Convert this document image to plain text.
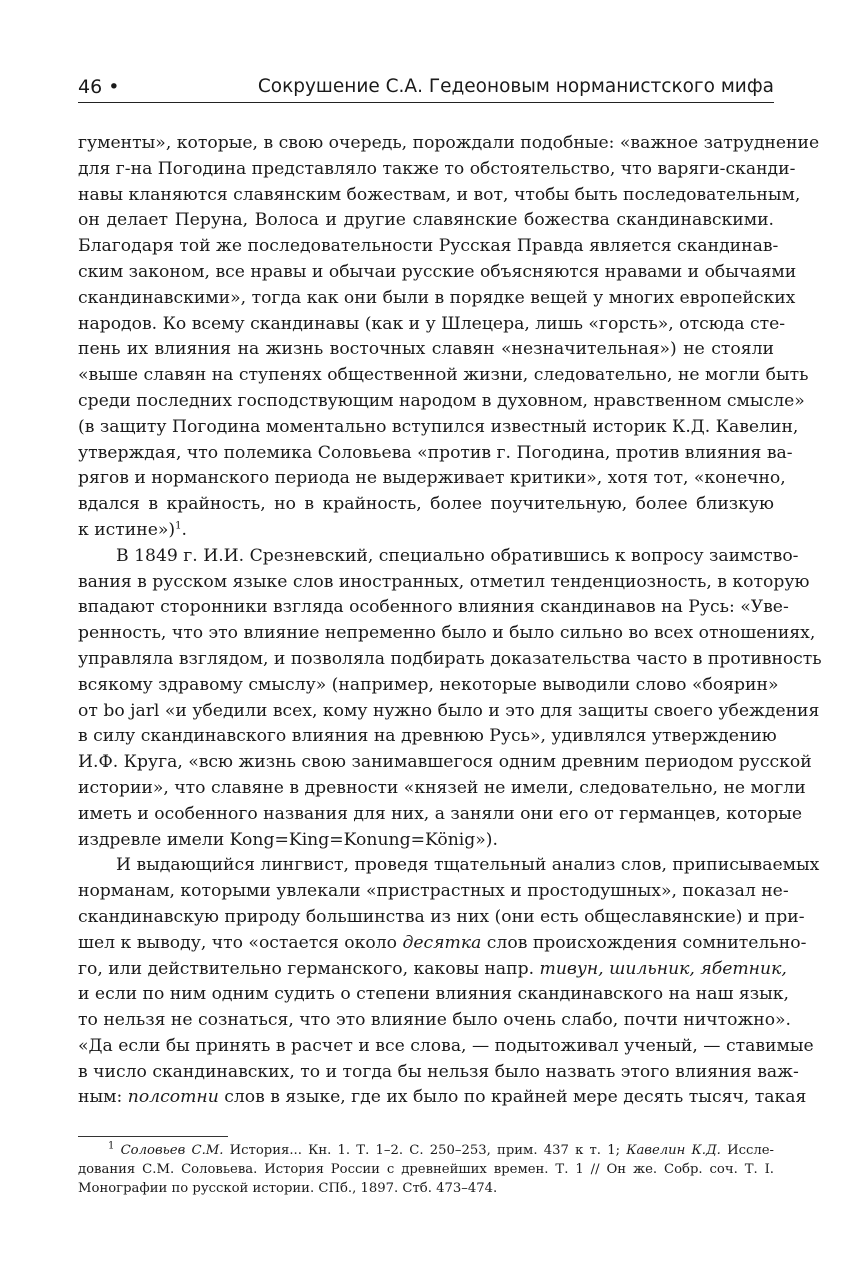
46 •	Сокрушение С.А. Гедеоновым норманистского мифа
гументы», которые, в свою очередь, порождали подобные: «важное затруднение
для г-на Погодина представляло также то обстоятельство, что варяги-сканди-
навы кланяются славянским божествам, и вот, чтобы быть последовательным,
он делает Перуна, Волоса и другие славянские божества скандинавскими.
Благодаря той же последовательности Русская Правда является скандинав-
ским законом, все нравы и обычаи русские объясняются нравами и обычаями
скандинавскими», тогда как они были в порядке вещей у многих европейских
народов. Ко всему скандинавы (как и у Шлецера, лишь «горсть», отсюда сте-
пень их влияния на жизнь восточных славян «незначительная») не стояли
«выше славян на ступенях общественной жизни, следовательно, не могли быть
среди последних господствующим народом в духовном, нравственном смысле»
(в защиту Погодина моментально вступился известный историк К.Д. Кавелин,
утверждая, что полемика Соловьева «против г. Погодина, против влияния ва-
рягов и норманского периода не выдерживает критики», хотя тот, «конечно,
вдался в крайность, но в крайность, более поучительную, более близкую
к истине»)$^1$.
В 1849 г. И.И. Срезневский, специально обратившись к вопросу заимство-
вания в русском языке слов иностранных, отметил тенденциозность, в которую
впадают сторонники взгляда особенного влияния скандинавов на Русь: «Уве-
ренность, что это влияние непременно было и было сильно во всех отношениях,
управляла взглядом, и позволяла подбирать доказательства часто в противность
всякому здравому смыслу» (например, некоторые выводили слово «боярин»
от bo jarl «и убедили всех, кому нужно было и это для защиты своего убеждения
в силу скандинавского влияния на древнюю Русь», удивлялся утверждению
И.Ф. Круга, «всю жизнь свою занимавшегося одним древним периодом русской
истории», что славяне в древности «князей не имели, следовательно, не могли
иметь и особенного названия для них, а заняли они его от германцев, которые
издревле имели Kong=King=Konung=König»).
И выдающийся лингвист, проведя тщательный анализ слов, приписываемых
норманам, которыми увлекали «пристрастных и простодушных», показал не-
скандинавскую природу большинства из них (они есть общеславянские) и при-
шел к выводу, что «остается около десятка слов происхождения сомнительно-
го, или действительно германского, каковы напр. тивун, шильник, ябетник,
и если по ним одним судить о степени влияния скандинавского на наш язык,
то нельзя не сознаться, что это влияние было очень слабо, почти ничтожно».
«Да если бы принять в расчет и все слова, — подытоживал ученый, — ставимые
в число скандинавских, то и тогда бы нельзя было назвать этого влияния важ-
ным: полсотни слов в языке, где их было по крайней мере десять тысяч, такая
$^1$ Соловьев С.М. История... Кн. 1. Т. 1–2. С. 250–253, прим. 437 к т. 1; Кавелин К.Д. Иссле-
дования С.М. Соловьева. История России с древнейших времен. Т. 1 // Он же. Собр. соч. Т. I.
Монографии по русской истории. СПб., 1897. Стб. 473–474.
